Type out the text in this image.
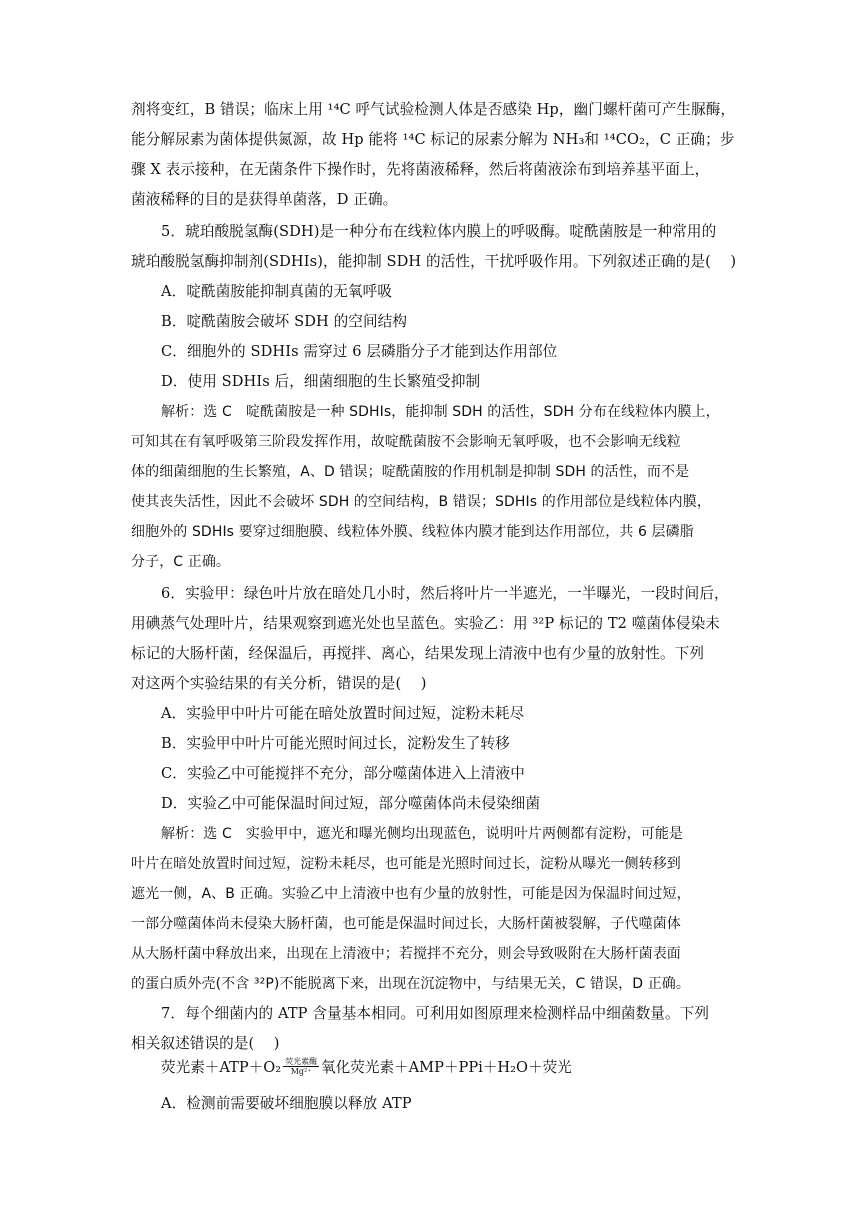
剂将变红，B 错误；临床上用 ¹⁴C 呼气试验检测人体是否感染 Hp，幽门螺杆菌可产生脲酶，
能分解尿素为菌体提供氮源，故 Hp 能将 ¹⁴C 标记的尿素分解为 NH₃和 ¹⁴CO₂，C 正确；步
骤 X 表示接种，在无菌条件下操作时，先将菌液稀释，然后将菌液涂布到培养基平面上，
菌液稀释的目的是获得单菌落，D 正确。
5．琥珀酸脱氢酶(SDH)是一种分布在线粒体内膜上的呼吸酶。啶酰菌胺是一种常用的
琥珀酸脱氢酶抑制剂(SDHIs)，能抑制 SDH 的活性，干扰呼吸作用。下列叙述正确的是(　 )
A．啶酰菌胺能抑制真菌的无氧呼吸
B．啶酰菌胺会破坏 SDH 的空间结构
C．细胞外的 SDHIs 需穿过 6 层磷脂分子才能到达作用部位
D．使用 SDHIs 后，细菌细胞的生长繁殖受抑制
解析：选 C　啶酰菌胺是一种 SDHIs，能抑制 SDH 的活性，SDH 分布在线粒体内膜上，
可知其在有氧呼吸第三阶段发挥作用，故啶酰菌胺不会影响无氧呼吸，也不会影响无线粒
体的细菌细胞的生长繁殖，A、D 错误；啶酰菌胺的作用机制是抑制 SDH 的活性，而不是
使其丧失活性，因此不会破坏 SDH 的空间结构，B 错误；SDHIs 的作用部位是线粒体内膜，
细胞外的 SDHIs 要穿过细胞膜、线粒体外膜、线粒体内膜才能到达作用部位，共 6 层磷脂
分子，C 正确。
6．实验甲：绿色叶片放在暗处几小时，然后将叶片一半遮光，一半曝光，一段时间后，
用碘蒸气处理叶片，结果观察到遮光处也呈蓝色。实验乙：用 ³²P 标记的 T2 噬菌体侵染未
标记的大肠杆菌，经保温后，再搅拌、离心，结果发现上清液中也有少量的放射性。下列
对这两个实验结果的有关分析，错误的是(　 )
A．实验甲中叶片可能在暗处放置时间过短，淀粉未耗尽
B．实验甲中叶片可能光照时间过长，淀粉发生了转移
C．实验乙中可能搅拌不充分，部分噬菌体进入上清液中
D．实验乙中可能保温时间过短，部分噬菌体尚未侵染细菌
解析：选 C　实验甲中，遮光和曝光侧均出现蓝色，说明叶片两侧都有淀粉，可能是
叶片在暗处放置时间过短，淀粉未耗尽，也可能是光照时间过长，淀粉从曝光一侧转移到
遮光一侧，A、B 正确。实验乙中上清液中也有少量的放射性，可能是因为保温时间过短，
一部分噬菌体尚未侵染大肠杆菌，也可能是保温时间过长，大肠杆菌被裂解，子代噬菌体
从大肠杆菌中释放出来，出现在上清液中；若搅拌不充分，则会导致吸附在大肠杆菌表面
的蛋白质外壳(不含 ³²P)不能脱离下来，出现在沉淀物中，与结果无关，C 错误，D 正确。
7．每个细菌内的 ATP 含量基本相同。可利用如图原理来检测样品中细菌数量。下列
相关叙述错误的是(　 )
荧光素$+ATP+O_2 \frac{\text{荧光素酶}}{\text{Mg²⁺}}$ 氧化荧光素＋AMP＋PPi＋H₂O＋荧光
A．检测前需要破坏细胞膜以释放 ATP
